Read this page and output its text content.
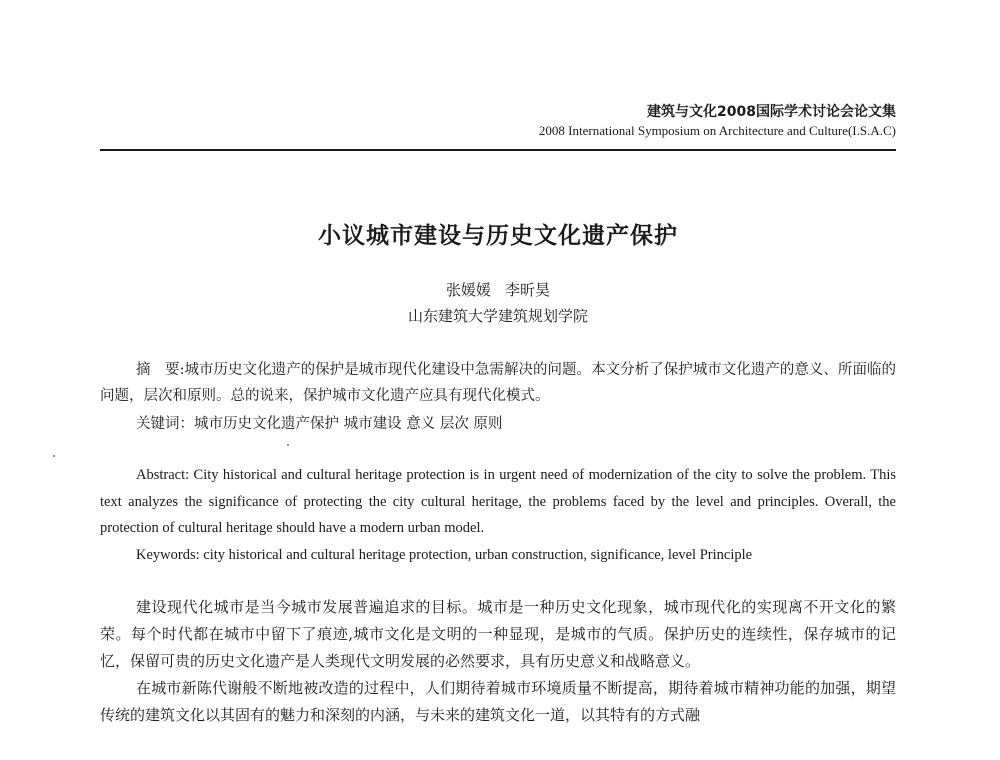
建筑与文化2008国际学术讨论会论文集
2008 International Symposium on Architecture and Culture(I.S.A.C)
小议城市建设与历史文化遗产保护
张媛媛 李昕昊
山东建筑大学建筑规划学院
摘　要:城市历史文化遗产的保护是城市现代化建设中急需解决的问题。本文分析了保护城市文化遗产的意义、所面临的问题，层次和原则。总的说来，保护城市文化遗产应具有现代化模式。
关键词：城市历史文化遗产保护 城市建设 意义 层次 原则
Abstract: City historical and cultural heritage protection is in urgent need of modernization of the city to solve the problem. This text analyzes the significance of protecting the city cultural heritage, the problems faced by the level and principles. Overall, the protection of cultural heritage should have a modern urban model.
Keywords: city historical and cultural heritage protection, urban construction, significance, level Principle

建设现代化城市是当今城市发展普遍追求的目标。城市是一种历史文化现象，城市现代化的实现离不开文化的繁荣。每个时代都在城市中留下了痕迹,城市文化是文明的一种显现，是城市的气质。保护历史的连续性，保存城市的记忆，保留可贵的历史文化遗产是人类现代文明发展的必然要求，具有历史意义和战略意义。

在城市新陈代谢般不断地被改造的过程中，人们期待着城市环境质量不断提高，期待着城市精神功能的加强，期望传统的建筑文化以其固有的魅力和深刻的内涵，与未来的建筑文化一道，以其特有的方式融
